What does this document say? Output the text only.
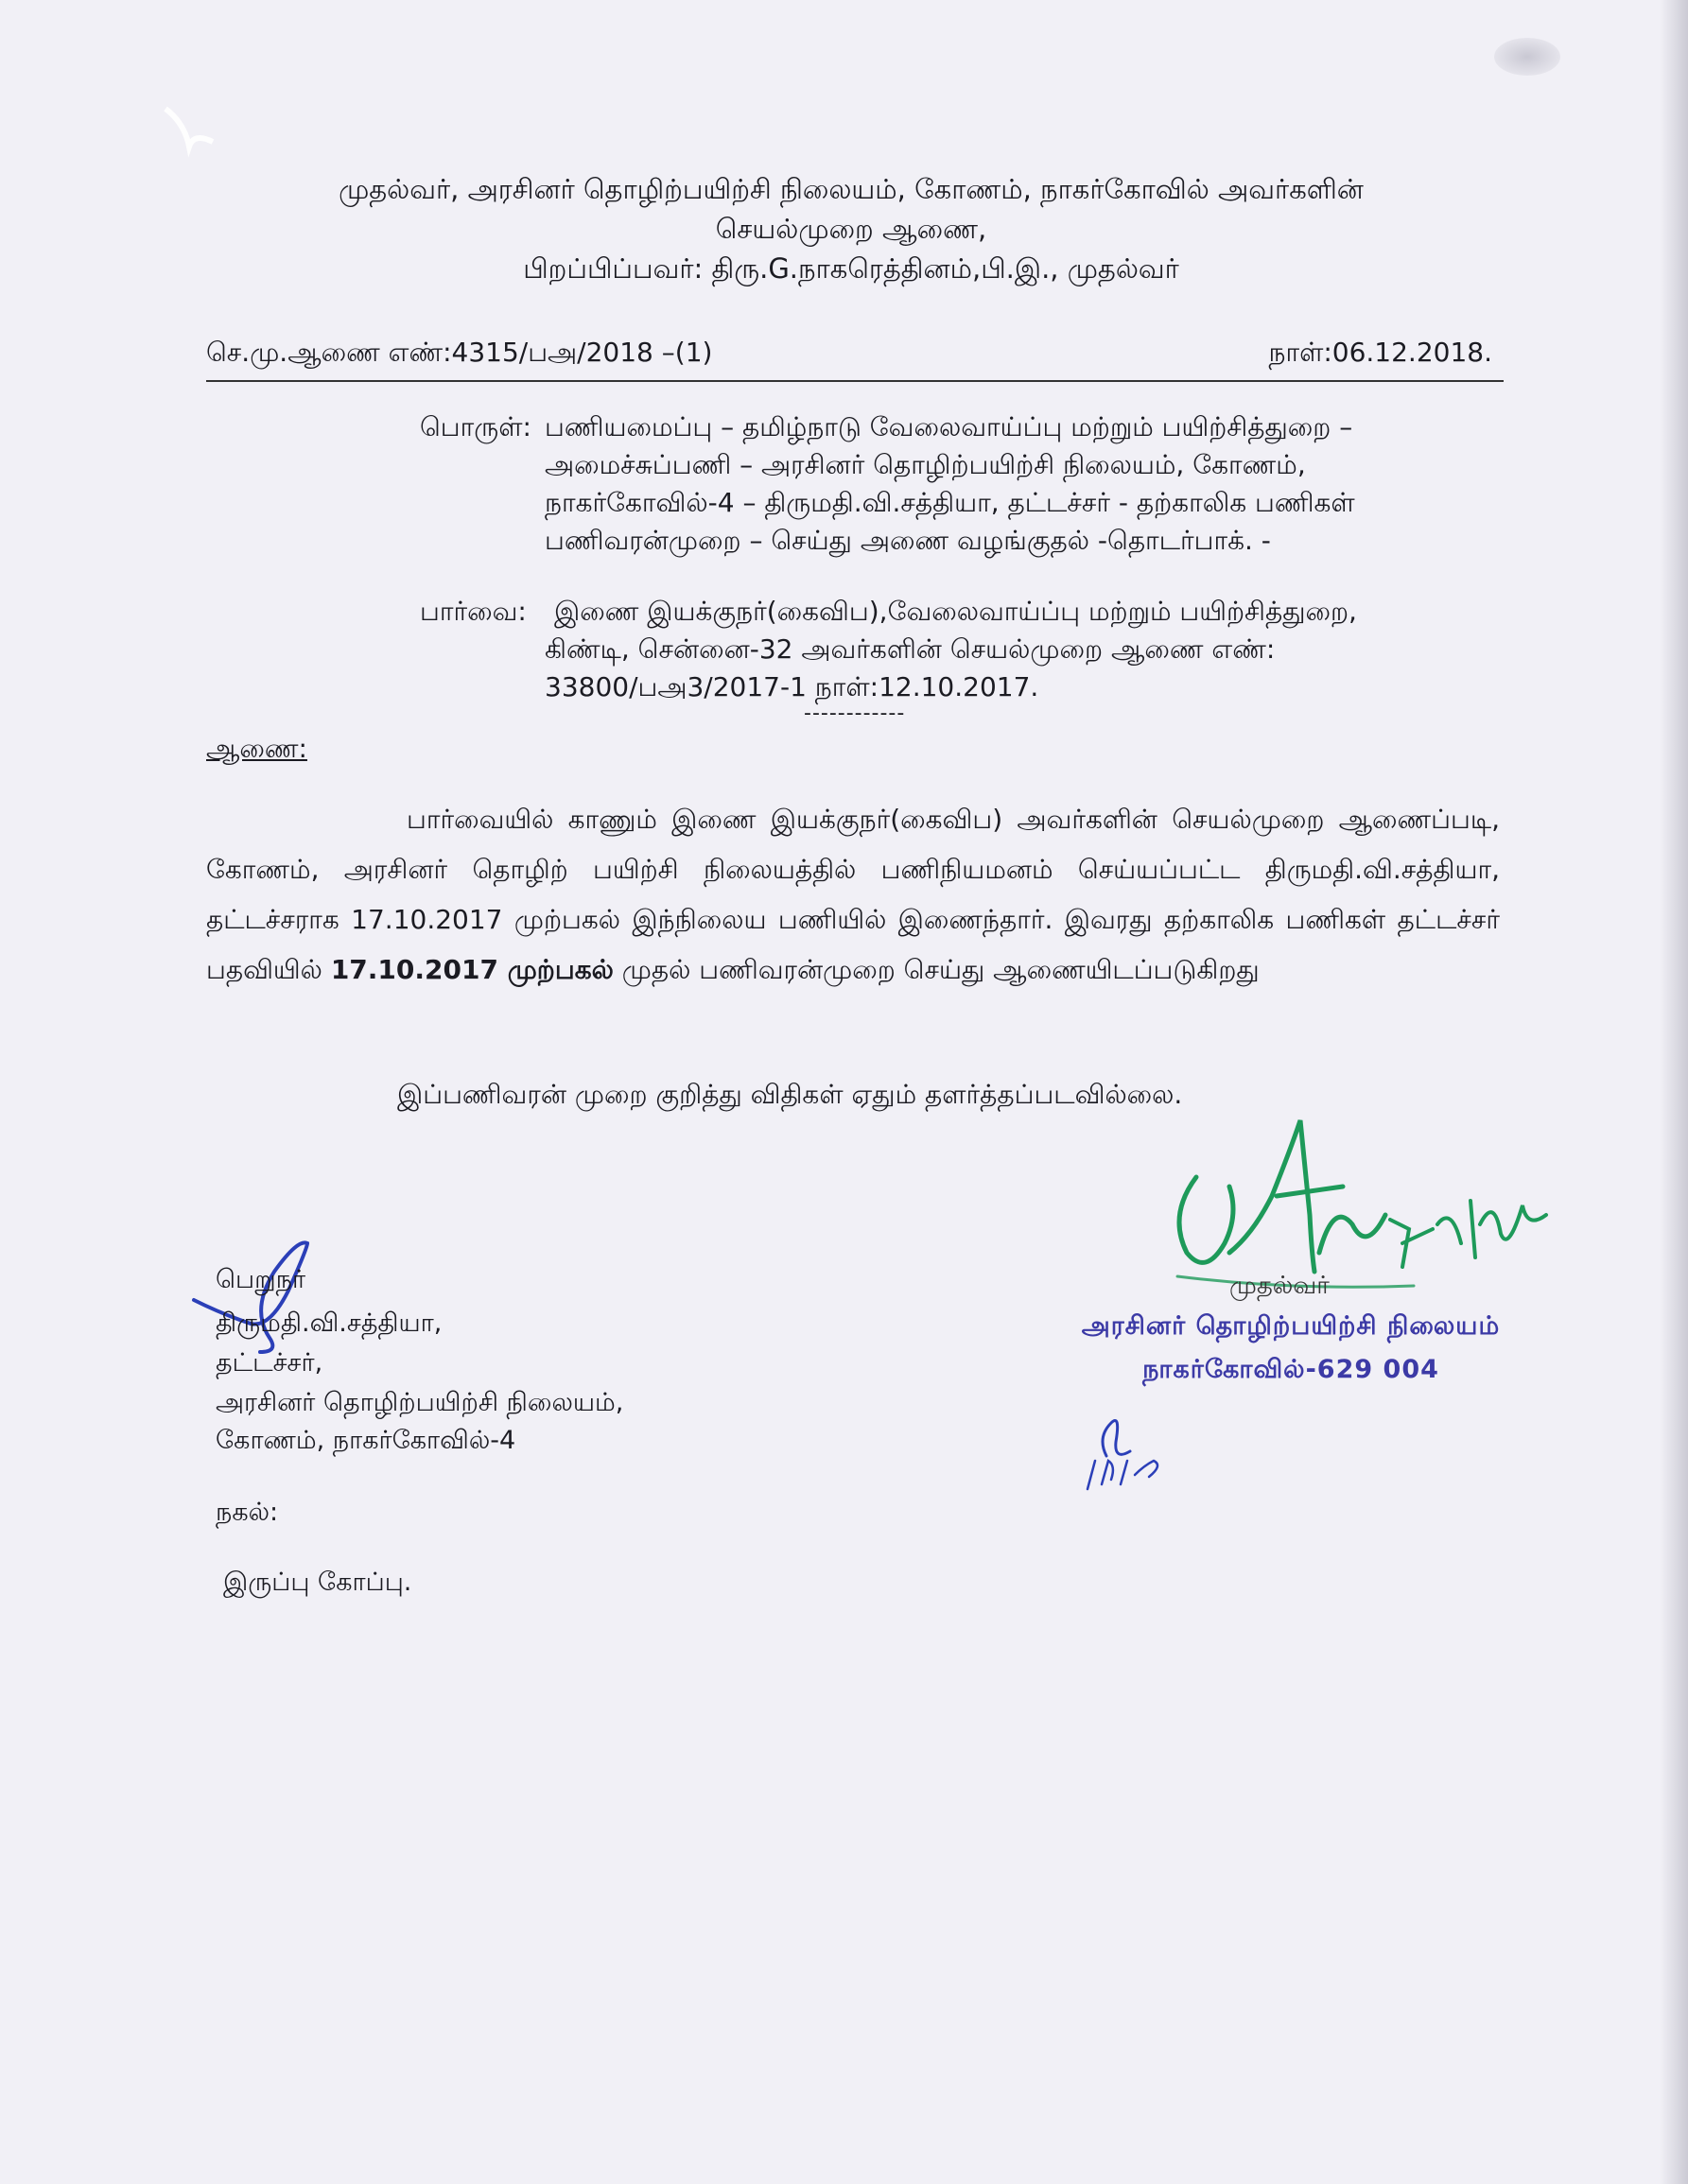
முதல்வர், அரசினர் தொழிற்பயிற்சி நிலையம், கோணம், நாகர்கோவில் அவர்களின்
செயல்முறை ஆணை,
பிறப்பிப்பவர்: திரு.G.நாகரெத்தினம்,பி.இ., முதல்வர்
செ.மு.ஆணை எண்:4315/பஅ/2018 –(1)	நாள்:06.12.2018.
பொருள்: பணியமைப்பு – தமிழ்நாடு வேலைவாய்ப்பு மற்றும் பயிற்சித்துறை –
அமைச்சுப்பணி – அரசினர் தொழிற்பயிற்சி நிலையம், கோணம்,
நாகர்கோவில்-4 – திருமதி.வி.சத்தியா, தட்டச்சர் - தற்காலிக பணிகள்
பணிவரன்முறை – செய்து அணை வழங்குதல் -தொடர்பாக். -
பார்வை: இணை இயக்குநர்(கைவிப),வேலைவாய்ப்பு மற்றும் பயிற்சித்துறை,
கிண்டி, சென்னை-32 அவர்களின் செயல்முறை ஆணை எண்:
33800/பஅ3/2017-1 நாள்:12.10.2017.
------------
ஆணை:
பார்வையில் காணும் இணை இயக்குநர்(கைவிப) அவர்களின் செயல்முறை ஆணைப்படி, கோணம், அரசினர் தொழிற் பயிற்சி நிலையத்தில் பணிநியமனம் செய்யப்பட்ட திருமதி.வி.சத்தியா, தட்டச்சராக 17.10.2017 முற்பகல் இந்நிலைய பணியில் இணைந்தார். இவரது தற்காலிக பணிகள் தட்டச்சர் பதவியில் 17.10.2017 முற்பகல் முதல் பணிவரன்முறை செய்து ஆணையிடப்படுகிறது
இப்பணிவரன் முறை குறித்து விதிகள் ஏதும் தளர்த்தப்படவில்லை.
முதல்வர்
அரசினர் தொழிற்பயிற்சி நிலையம்
நாகர்கோவில்-629 004
பெறுநர்
திருமதி.வி.சத்தியா,
தட்டச்சர்,
அரசினர் தொழிற்பயிற்சி நிலையம்,
கோணம், நாகர்கோவில்-4
நகல்:
இருப்பு கோப்பு.
